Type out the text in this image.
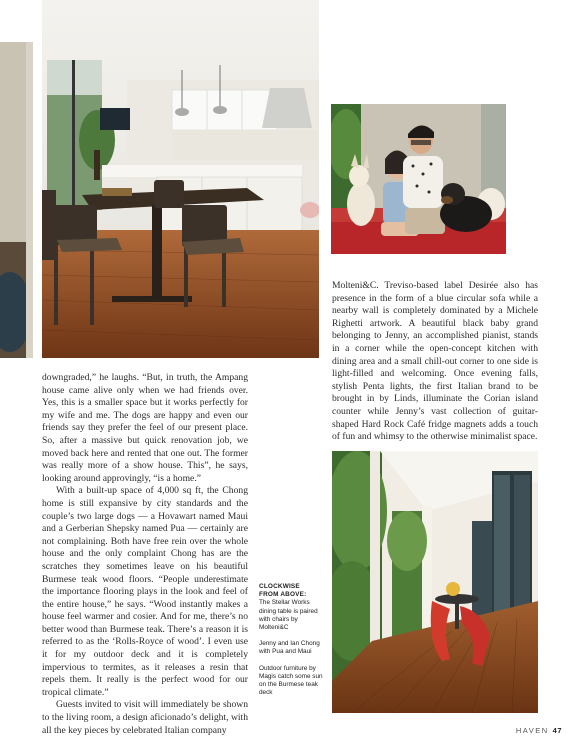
downgraded,” he laughs. “But, in truth, the Ampang house came alive only when we had friends over. Yes, this is a smaller space but it works perfectly for my wife and me. The dogs are happy and even our friends say they prefer the feel of our present place. So, after a massive but quick renovation job, we moved back here and rented that one out. The former was really more of a show house. This”, he says, looking around approvingly, “is a home.”

With a built-up space of 4,000 sq ft, the Chong home is still expansive by city standards and the couple’s two large dogs — a Hovawart named Maui and a Gerberian Shepsky named Pua — certainly are not complaining. Both have free rein over the whole house and the only complaint Chong has are the scratches they sometimes leave on his beautiful Burmese teak wood floors. “People underestimate the importance flooring plays in the look and feel of the entire house,” he says. “Wood instantly makes a house feel warmer and cosier. And for me, there’s no better wood than Burmese teak. There’s a reason it is referred to as the ‘Rolls-Royce of wood’. I even use it for my outdoor deck and it is completely impervious to termites, as it releases a resin that repels them. It really is the perfect wood for our tropical climate.”

Guests invited to visit will immediately be shown to the living room, a design aficionado’s delight, with all the key pieces by celebrated Italian company

Molteni&C. Treviso-based label Desirée also has presence in the form of a blue circular sofa while a nearby wall is completely dominated by a Michele Righetti artwork. A beautiful black baby grand belonging to Jenny, an accomplished pianist, stands in a corner while the open-concept kitchen with dining area and a small chill-out corner to one side is light-filled and welcoming. Once evening falls, stylish Penta lights, the first Italian brand to be brought in by Linds, illuminate the Corian island counter while Jenny’s vast collection of guitar-shaped Hard Rock Café fridge magnets adds a touch of fun and whimsy to the otherwise minimalist space.

CLOCKWISE
FROM ABOVE:
The Stellar Works dining table is paired with chairs by Molteni&C
Jenny and Ian Chong with Pua and Maui
Outdoor furniture by Magis catch some sun on the Burmese teak deck
HAVEN 47
